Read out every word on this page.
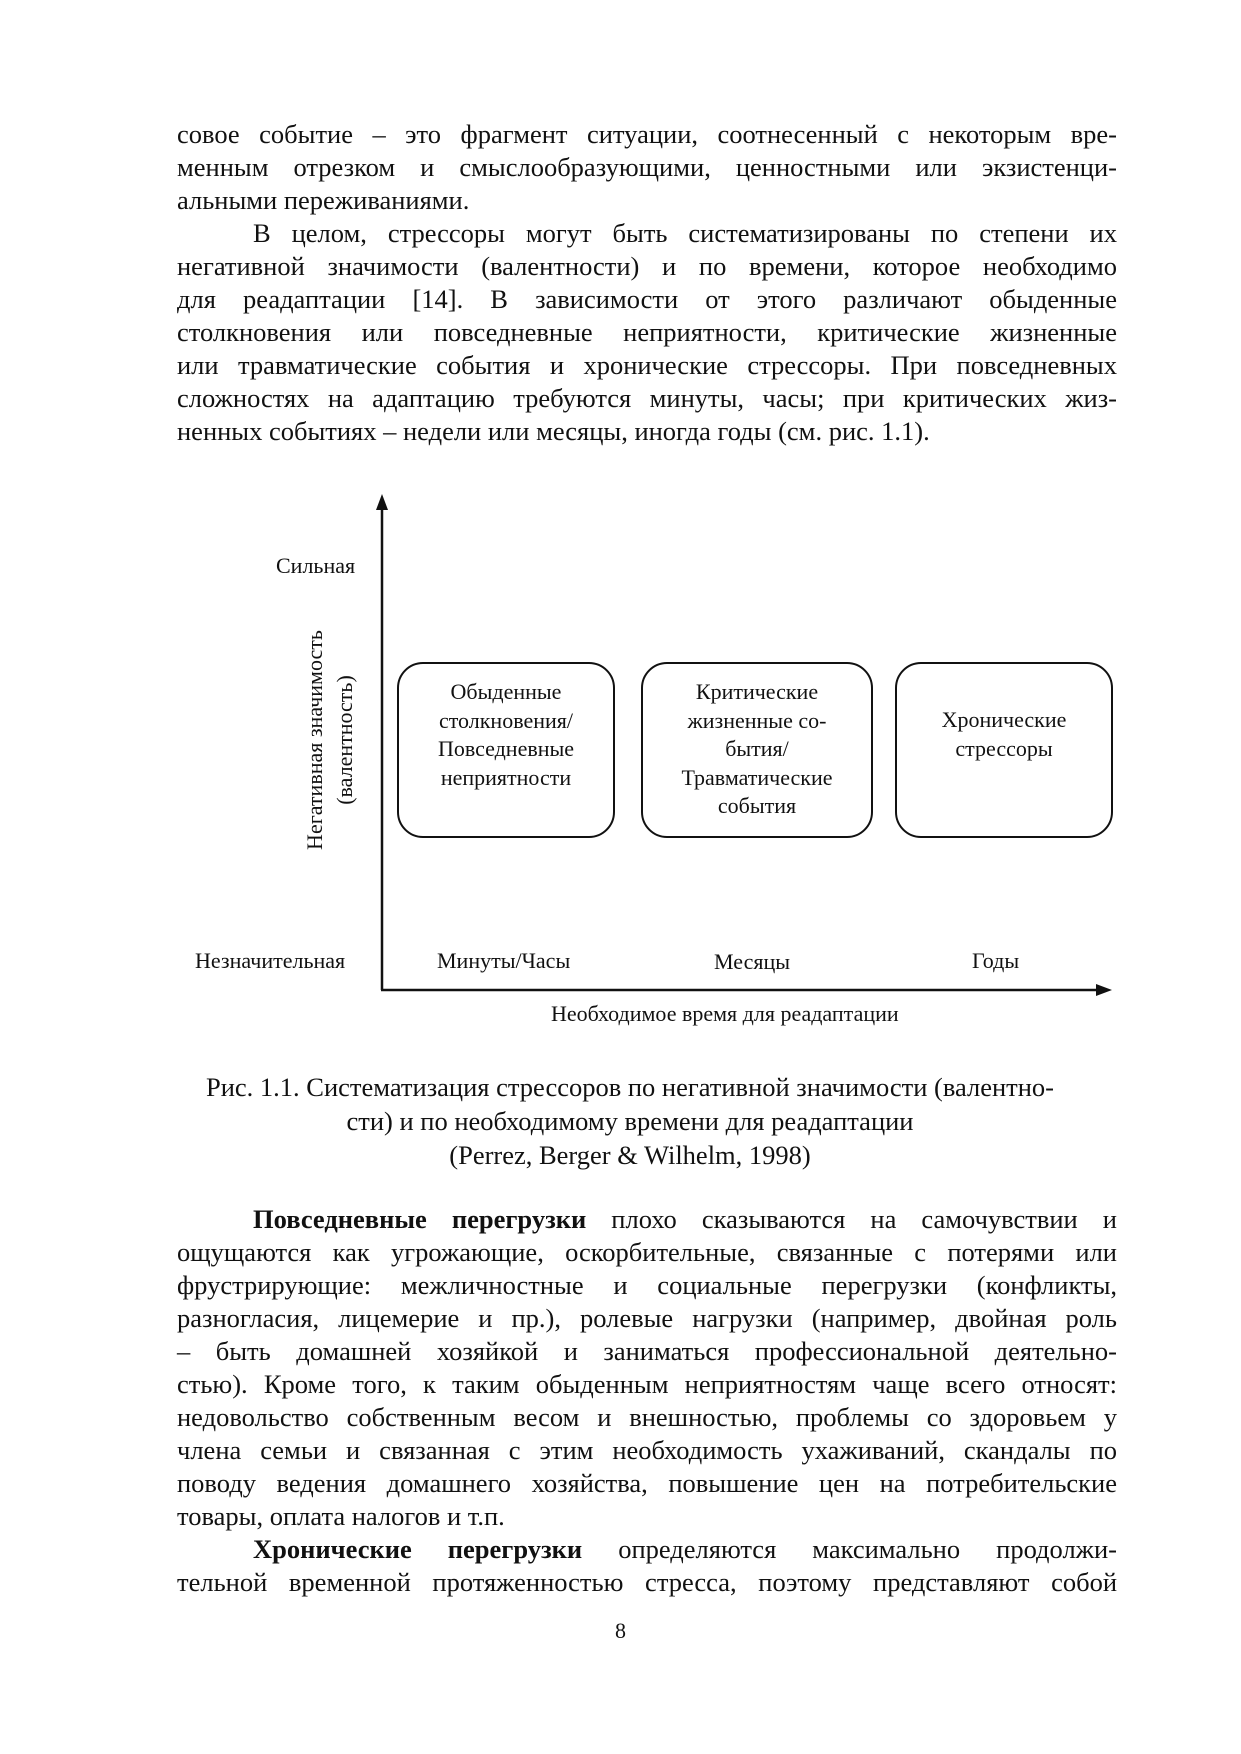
совое событие – это фрагмент ситуации, соотнесенный с некоторым вре-
менным отрезком и смыслообразующими, ценностными или экзистенци-
альными переживаниями.
В целом, стрессоры могут быть систематизированы по степени их
негативной значимости (валентности) и по времени, которое необходимо
для реадаптации [14]. В зависимости от этого различают обыденные
столкновения или повседневные неприятности, критические жизненные
или травматические события и хронические стрессоры. При повседневных
сложностях на адаптацию требуются минуты, часы; при критических жиз-
ненных событиях – недели или месяцы, иногда годы (см. рис. 1.1).
Сильная
Незначительная
Негативная значимость (валентность)	Обыденные
столкновения/
Повседневные
неприятности
Критические
жизненные со-
бытия/
Травматические
события
Хронические
стрессоры
Минуты/Часы	Месяцы	Годы
Необходимое время для реадаптации
Рис. 1.1. Систематизация стрессоров по негативной значимости (валентно-
сти) и по необходимому времени для реадаптации
(Perrez, Berger & Wilhelm, 1998)
Повседневные перегрузки плохо сказываются на самочувствии и
ощущаются как угрожающие, оскорбительные, связанные с потерями или
фрустрирующие: межличностные и социальные перегрузки (конфликты,
разногласия, лицемерие и пр.), ролевые нагрузки (например, двойная роль
– быть домашней хозяйкой и заниматься профессиональной деятельно-
стью). Кроме того, к таким обыденным неприятностям чаще всего относят:
недовольство собственным весом и внешностью, проблемы со здоровьем у
члена семьи и связанная с этим необходимость ухаживаний, скандалы по
поводу ведения домашнего хозяйства, повышение цен на потребительские
товары, оплата налогов и т.п.
Хронические перегрузки определяются максимально продолжи-
тельной временной протяженностью стресса, поэтому представляют собой
8
